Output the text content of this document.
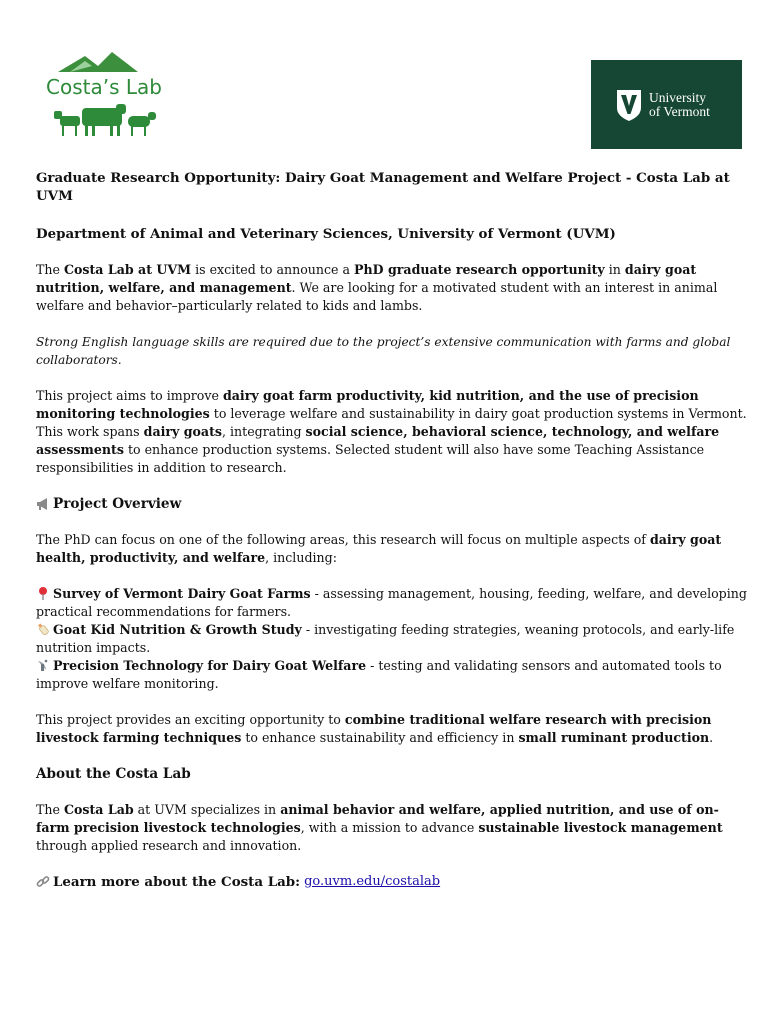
Costa’s Lab	University
of Vermont
Graduate Research Opportunity: Dairy Goat Management and Welfare Project - Costa Lab at UVM
Department of Animal and Veterinary Sciences, University of Vermont (UVM)

The Costa Lab at UVM is excited to announce a PhD graduate research opportunity in dairy goat nutrition, welfare, and management. We are looking for a motivated student with an interest in animal welfare and behavior–particularly related to kids and lambs.

Strong English language skills are required due to the project’s extensive communication with farms and global collaborators.

This project aims to improve dairy goat farm productivity, kid nutrition, and the use of precision monitoring technologies to leverage welfare and sustainability in dairy goat production systems in Vermont. This work spans dairy goats, integrating social science, behavioral science, technology, and welfare assessments to enhance production systems. Selected student will also have some Teaching Assistance responsibilities in addition to research.

Project Overview

The PhD can focus on one of the following areas, this research will focus on multiple aspects of dairy goat health, productivity, and welfare, including:

Survey of Vermont Dairy Goat Farms - assessing management, housing, feeding, welfare, and developing practical recommendations for farmers.
Goat Kid Nutrition & Growth Study - investigating feeding strategies, weaning protocols, and early-life nutrition impacts.
Precision Technology for Dairy Goat Welfare - testing and validating sensors and automated tools to improve welfare monitoring.

This project provides an exciting opportunity to combine traditional welfare research with precision livestock farming techniques to enhance sustainability and efficiency in small ruminant production.

About the Costa Lab

The Costa Lab at UVM specializes in animal behavior and welfare, applied nutrition, and use of on-farm precision livestock technologies, with a mission to advance sustainable livestock management through applied research and innovation.

Learn more about the Costa Lab: go.uvm.edu/costalab
